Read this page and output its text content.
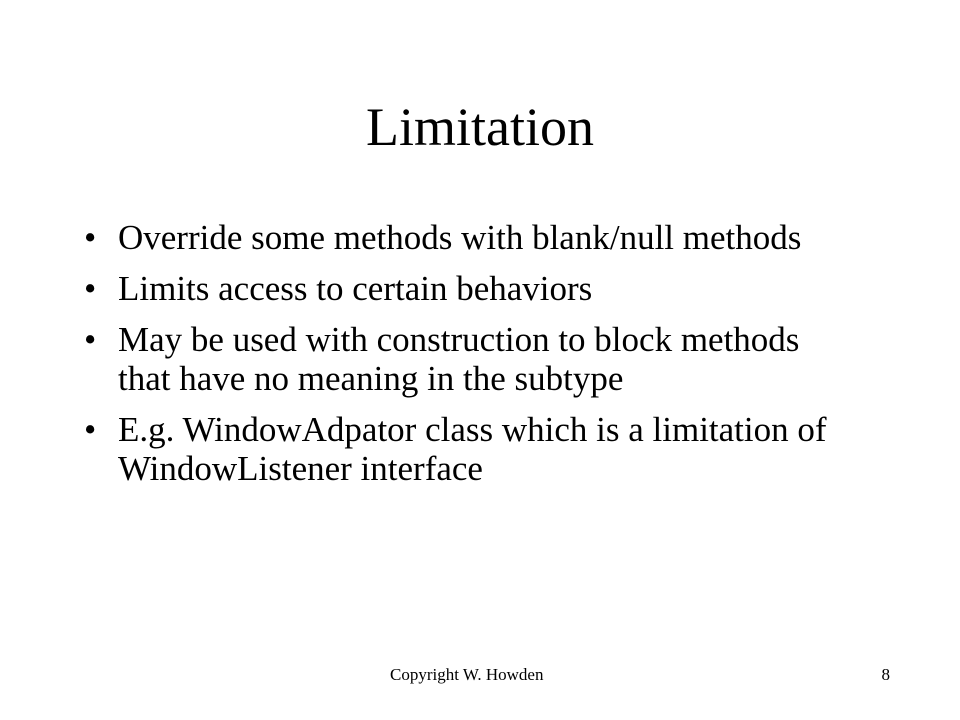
Limitation
• Override some methods with blank/null methods
• Limits access to certain behaviors
• May be used with construction to block methods that have no meaning in the subtype
• E.g. WindowAdpator class which is a limitation of WindowListener interface
Copyright W. Howden	8
